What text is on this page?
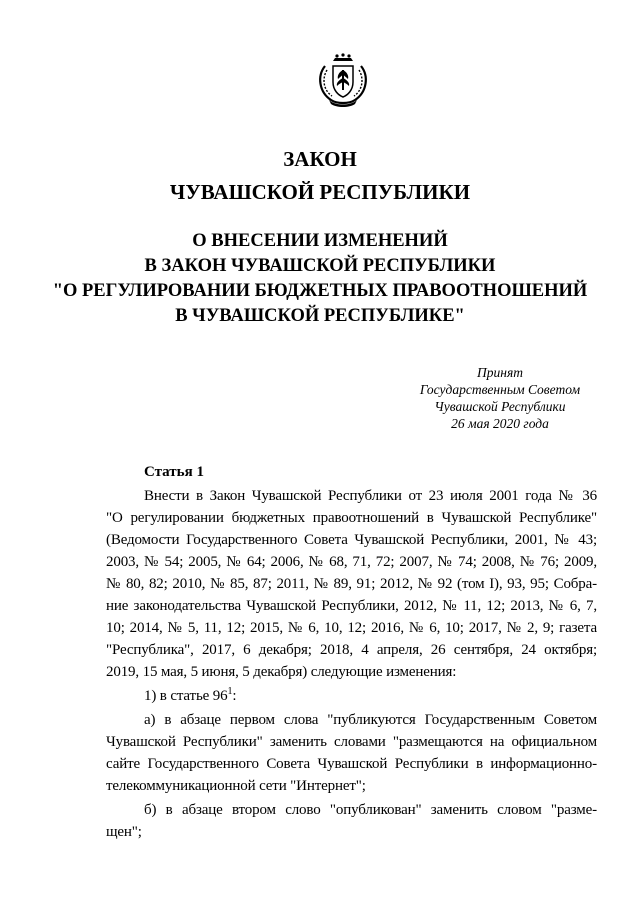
ЗАКОН
ЧУВАШСКОЙ РЕСПУБЛИКИ
О ВНЕСЕНИИ ИЗМЕНЕНИЙ
В ЗАКОН ЧУВАШСКОЙ РЕСПУБЛИКИ
"О РЕГУЛИРОВАНИИ БЮДЖЕТНЫХ ПРАВООТНОШЕНИЙ
В ЧУВАШСКОЙ РЕСПУБЛИКЕ"
Принят
Государственным Советом
Чувашской Республики
26 мая 2020 года
Статья 1
Внести в Закон Чувашской Республики от 23 июля 2001 года № 36
"О регулировании бюджетных правоотношений в Чувашской Республике"
(Ведомости Государственного Совета Чувашской Республики, 2001, № 43;
2003, № 54; 2005, № 64; 2006, № 68, 71, 72; 2007, № 74; 2008, № 76; 2009,
№ 80, 82; 2010, № 85, 87; 2011, № 89, 91; 2012, № 92 (том I), 93, 95; Собра-
ние законодательства Чувашской Республики, 2012, № 11, 12; 2013, № 6, 7,
10; 2014, № 5, 11, 12; 2015, № 6, 10, 12; 2016, № 6, 10; 2017, № 2, 9; газета
"Республика", 2017, 6 декабря; 2018, 4 апреля, 26 сентября, 24 октября;
2019, 15 мая, 5 июня, 5 декабря) следующие изменения:
1) в статье $96^1$:
а) в абзаце первом слова "публикуются Государственным Советом
Чувашской Республики" заменить словами "размещаются на официальном
сайте Государственного Совета Чувашской Республики в информационно-
телекоммуникационной сети "Интернет";
б) в абзаце втором слово "опубликован" заменить словом "разме-
щен";
